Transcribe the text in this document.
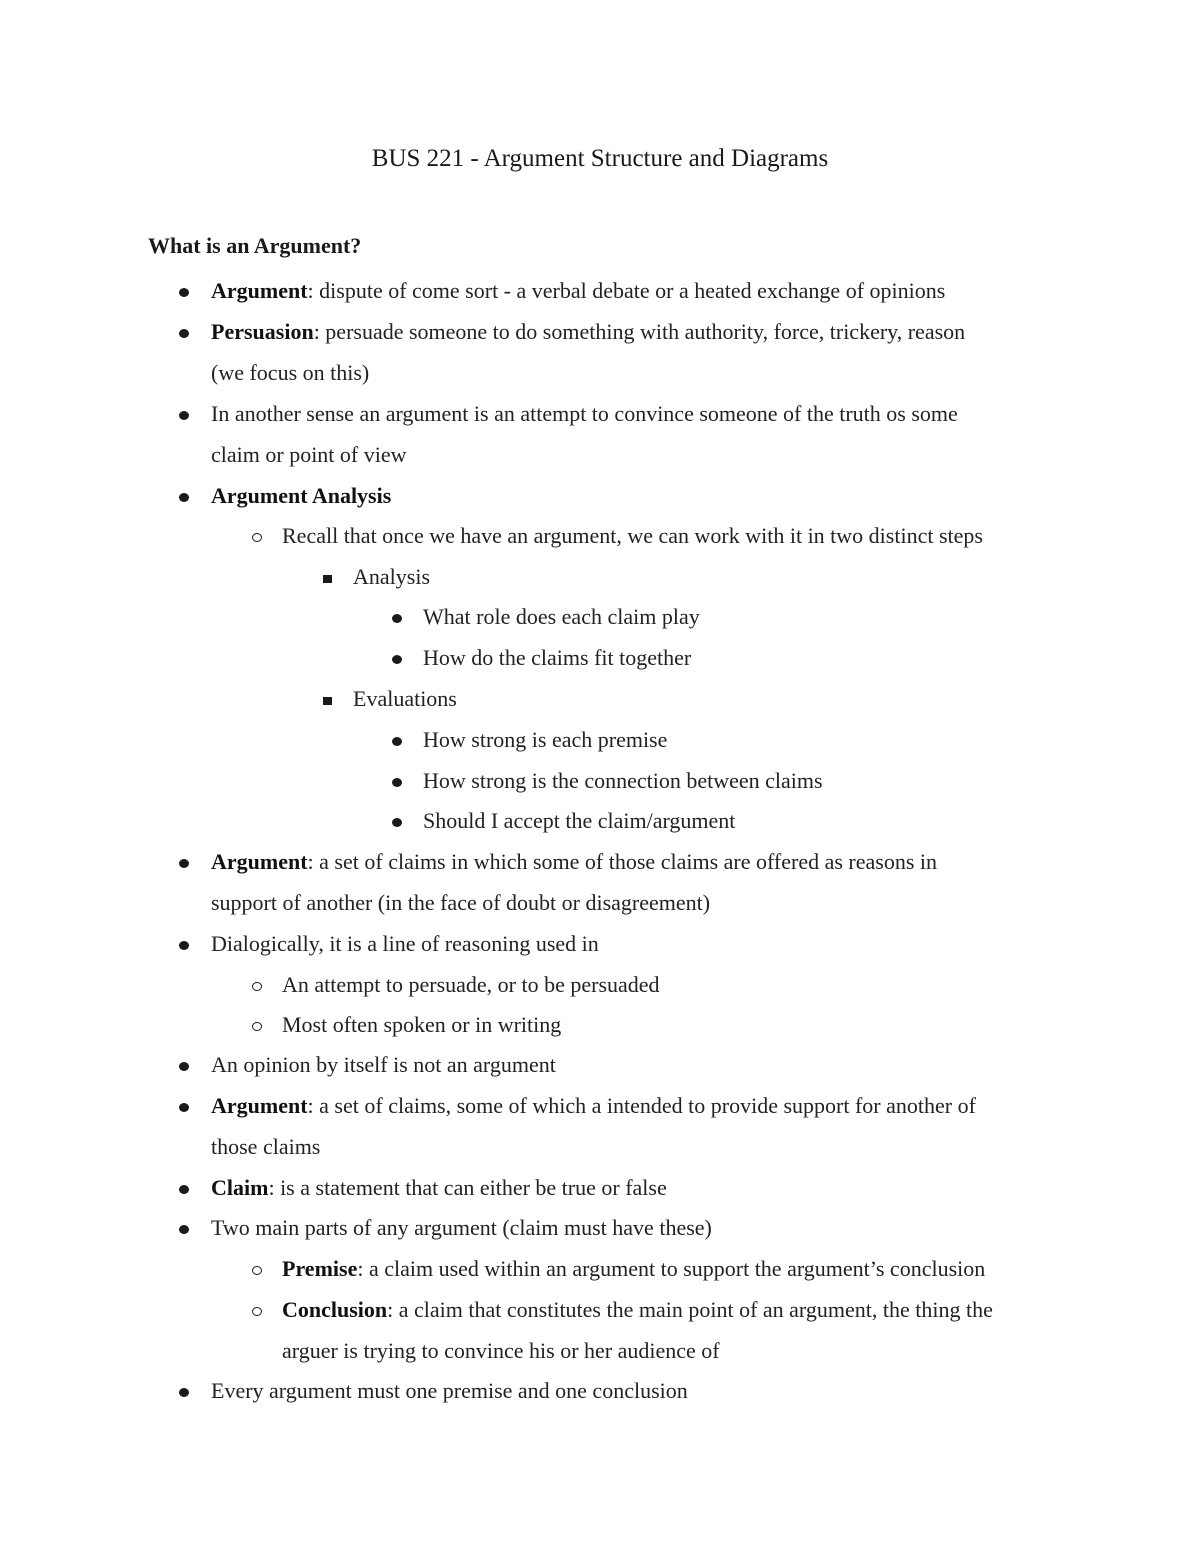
BUS 221 - Argument Structure and Diagrams
What is an Argument?
Argument: dispute of come sort - a verbal debate or a heated exchange of opinions
Persuasion: persuade someone to do something with authority, force, trickery, reason
(we focus on this)
In another sense an argument is an attempt to convince someone of the truth os some
claim or point of view
Argument Analysis
Recall that once we have an argument, we can work with it in two distinct steps
Analysis
What role does each claim play
How do the claims fit together
Evaluations
How strong is each premise
How strong is the connection between claims
Should I accept the claim/argument
Argument: a set of claims in which some of those claims are offered as reasons in
support of another (in the face of doubt or disagreement)
Dialogically, it is a line of reasoning used in
An attempt to persuade, or to be persuaded
Most often spoken or in writing
An opinion by itself is not an argument
Argument: a set of claims, some of which a intended to provide support for another of
those claims
Claim: is a statement that can either be true or false
Two main parts of any argument (claim must have these)
Premise: a claim used within an argument to support the argument’s conclusion
Conclusion: a claim that constitutes the main point of an argument, the thing the
arguer is trying to convince his or her audience of
Every argument must one premise and one conclusion
